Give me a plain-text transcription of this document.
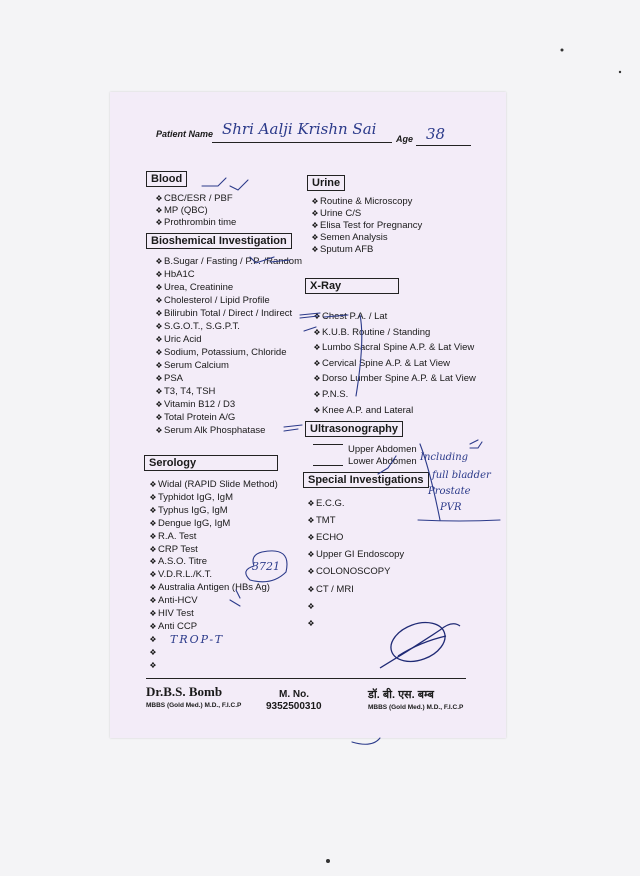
Patient Name Shri Aalji Krishn Sai
Age 38
Blood
❖CBC/ESR / PBF
❖MP (QBC)
❖Prothrombin time
Bioshemical Investigation
❖B.Sugar / Fasting / P.P. /Random
❖HbA1C
❖Urea, Creatinine
❖Cholesterol / Lipid Profile
❖Bilirubin Total / Direct / Indirect
❖S.G.O.T., S.G.P.T.
❖Uric Acid
❖Sodium, Potassium, Chloride
❖Serum Calcium
❖PSA
❖T3, T4, TSH
❖Vitamin B12 / D3
❖Total Protein A/G
❖Serum Alk Phosphatase
Serology
❖Widal (RAPID Slide Method)
❖Typhidot IgG, IgM
❖Typhus IgG, IgM
❖Dengue IgG, IgM
❖R.A. Test
❖CRP Test
❖A.S.O. Titre
❖V.D.R.L./K.T.
❖Australia Antigen (HBs Ag)
❖Anti-HCV
❖HIV Test
❖Anti CCP
❖
❖
❖
Urine
❖Routine & Microscopy
❖Urine C/S
❖Elisa Test for Pregnancy
❖Semen Analysis
❖Sputum AFB
X-Ray
❖Chest P.A. / Lat
❖K.U.B. Routine / Standing
❖Lumbo Sacral Spine A.P. & Lat View
❖Cervical Spine A.P. & Lat View
❖Dorso Lumber Spine A.P. & Lat View
❖P.N.S.
❖Knee A.P. and Lateral
Ultrasonography
Upper Abdomen
Lower Abdomen
Special Investigations
❖E.C.G.
❖TMT
❖ECHO
❖Upper GI Endoscopy
❖COLONOSCOPY
❖CT / MRI
❖
❖
TROP-T
Including
full bladder
Prostate
PVR
3721
Dr.B.S. Bomb
MBBS (Gold Med.) M.D., F.I.C.P
M. No.
9352500310
डॉ. बी. एस. बम्ब
MBBS (Gold Med.) M.D., F.I.C.P
